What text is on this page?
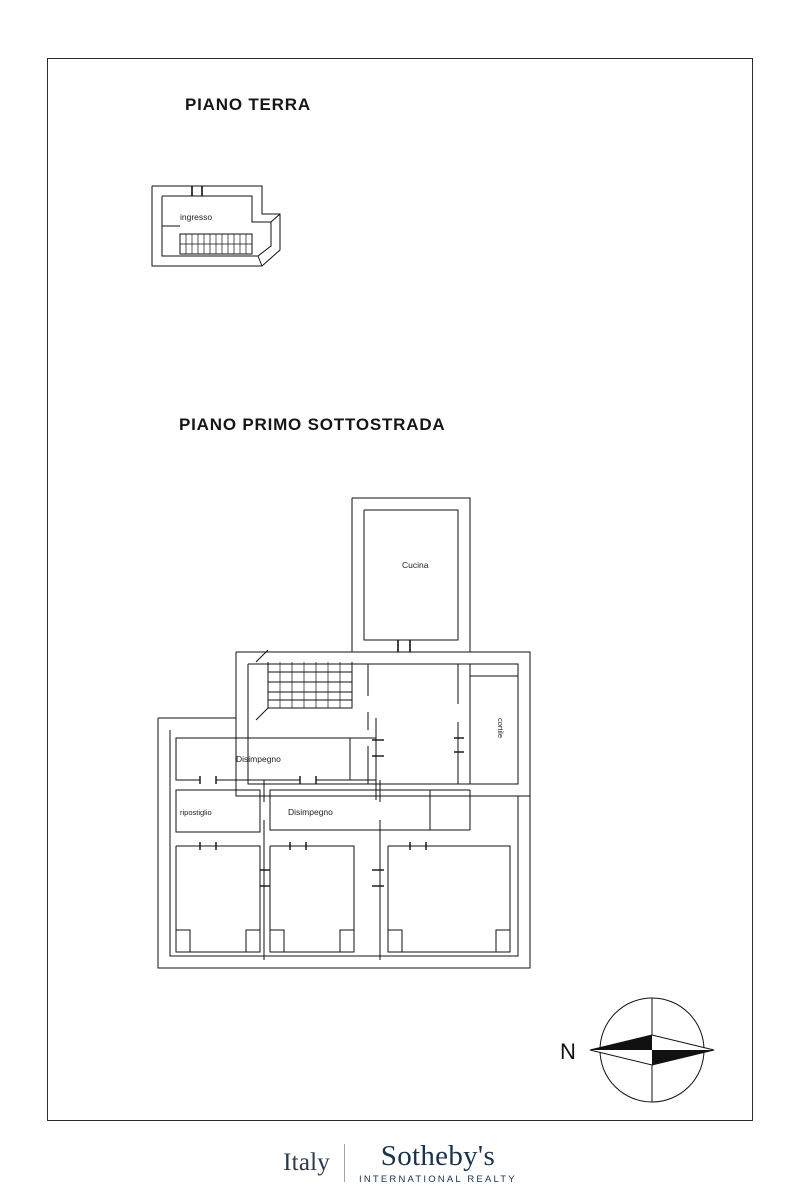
PIANO TERRA
PIANO PRIMO SOTTOSTRADA
ingresso
Cucina
cortile
Disimpegno
Disimpegno
ripostiglio
N
Italy	Sotheby's
INTERNATIONAL REALTY
